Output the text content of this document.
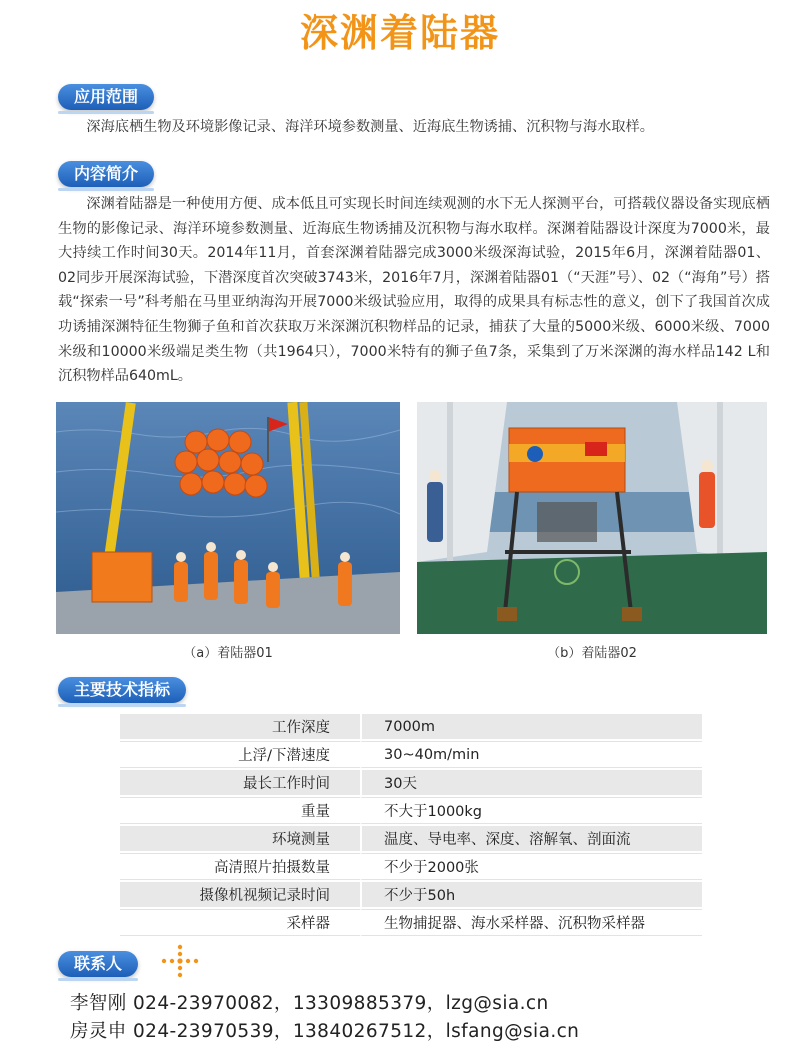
深渊着陆器
应用范围
深海底栖生物及环境影像记录、海洋环境参数测量、近海底生物诱捕、沉积物与海水取样。
内容简介
深渊着陆器是一种使用方便、成本低且可实现长时间连续观测的水下无人探测平台，可搭载仪器设备实现底栖生物的影像记录、海洋环境参数测量、近海底生物诱捕及沉积物与海水取样。深渊着陆器设计深度为7000米，最大持续工作时间30天。2014年11月，首套深渊着陆器完成3000米级深海试验，2015年6月，深渊着陆器01、02同步开展深海试验，下潜深度首次突破3743米，2016年7月，深渊着陆器01（“天涯”号）、02（“海角”号）搭载“探索一号”科考船在马里亚纳海沟开展7000米级试验应用，取得的成果具有标志性的意义，创下了我国首次成功诱捕深渊特征生物狮子鱼和首次获取万米深渊沉积物样品的记录，捕获了大量的5000米级、6000米级、7000米级和10000米级端足类生物（共1964只），7000米特有的狮子鱼7条，采集到了万米深渊的海水样品142 L和沉积物样品640mL。
（a）着陆器01	（b）着陆器02
主要技术指标
工作深度	7000m
上浮/下潜速度	30~40m/min
最长工作时间	30天
重量	不大于1000kg
环境测量	温度、导电率、深度、溶解氧、剖面流
高清照片拍摄数量	不少于2000张
摄像机视频记录时间	不少于50h
采样器	生物捕捉器、海水采样器、沉积物采样器
联系人
李智刚 024-23970082，13309885379，lzg@sia.cn
房灵申 024-23970539，13840267512，lsfang@sia.cn
